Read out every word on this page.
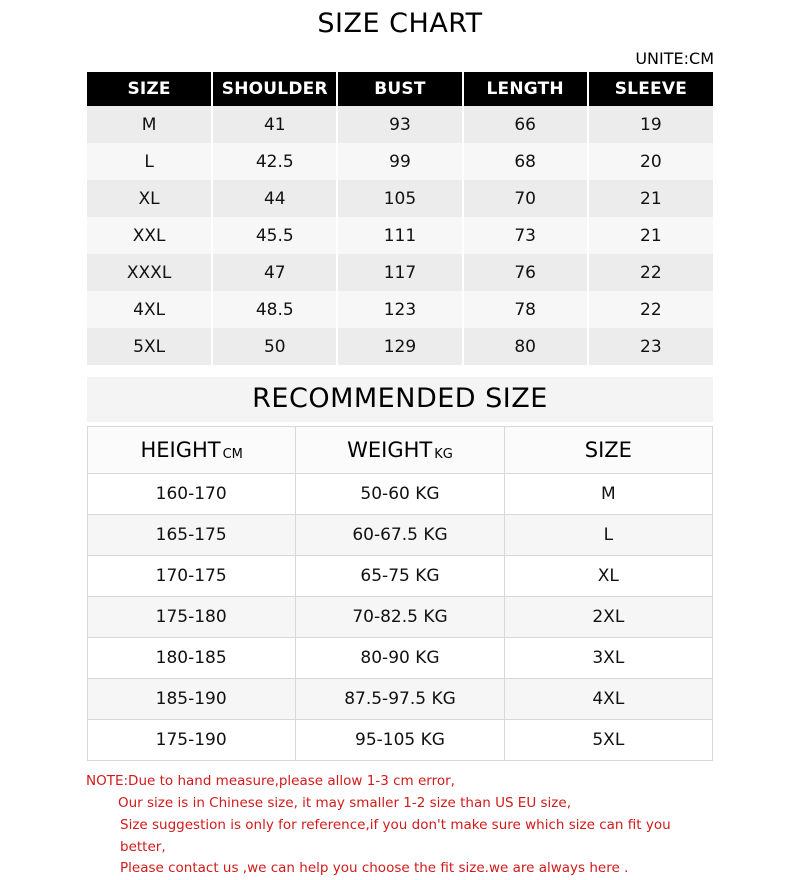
SIZE CHART
UNITE:CM
SIZE	SHOULDER	BUST	LENGTH	SLEEVE
M	41	93	66	19
L	42.5	99	68	20
XL	44	105	70	21
XXL	45.5	111	73	21
XXXL	47	117	76	22
4XL	48.5	123	78	22
5XL	50	129	80	23
RECOMMENDED SIZE
HEIGHT CM	WEIGHT KG	SIZE
160-170	50-60 KG	M
165-175	60-67.5 KG	L
170-175	65-75 KG	XL
175-180	70-82.5 KG	2XL
180-185	80-90 KG	3XL
185-190	87.5-97.5 KG	4XL
175-190	95-105 KG	5XL
NOTE:Due to hand measure,please allow 1-3 cm error,
Our size is in Chinese size, it may smaller 1-2 size than US EU size,
Size suggestion is only for reference,if you don't make sure which size can fit you better,
Please contact us ,we can help you choose the fit size.we are always here .
